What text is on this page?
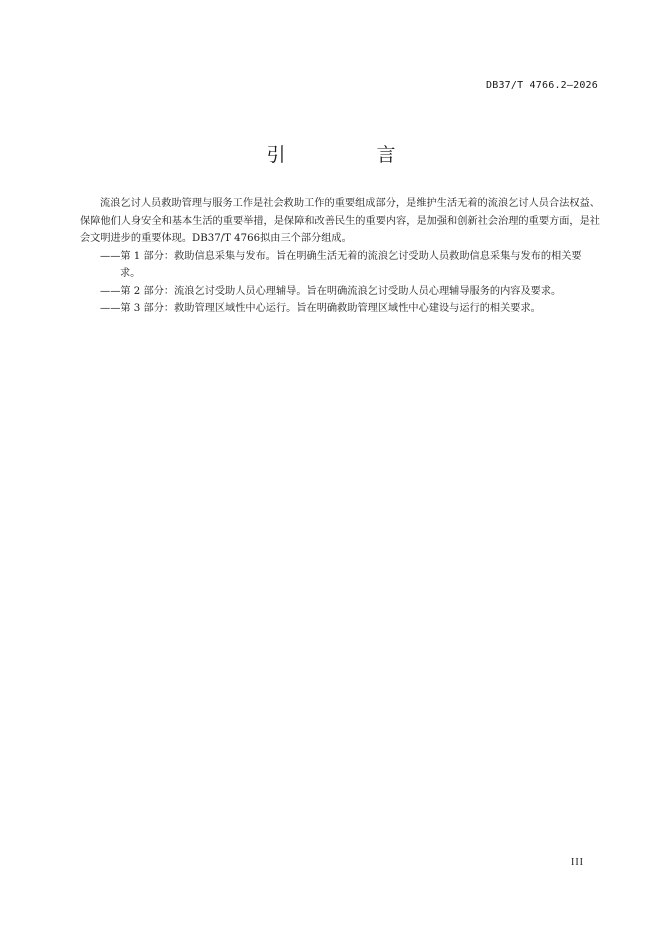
DB37/T 4766.2—2026
引　言

流浪乞讨人员救助管理与服务工作是社会救助工作的重要组成部分，是维护生活无着的流浪乞讨人员合法权益、保障他们人身安全和基本生活的重要举措，是保障和改善民生的重要内容，是加强和创新社会治理的重要方面，是社会文明进步的重要体现。DB37/T 4766拟由三个部分组成。

——第 1 部分：救助信息采集与发布。旨在明确生活无着的流浪乞讨受助人员救助信息采集与发布的相关要求。

——第 2 部分：流浪乞讨受助人员心理辅导。旨在明确流浪乞讨受助人员心理辅导服务的内容及要求。

——第 3 部分：救助管理区域性中心运行。旨在明确救助管理区域性中心建设与运行的相关要求。

III
